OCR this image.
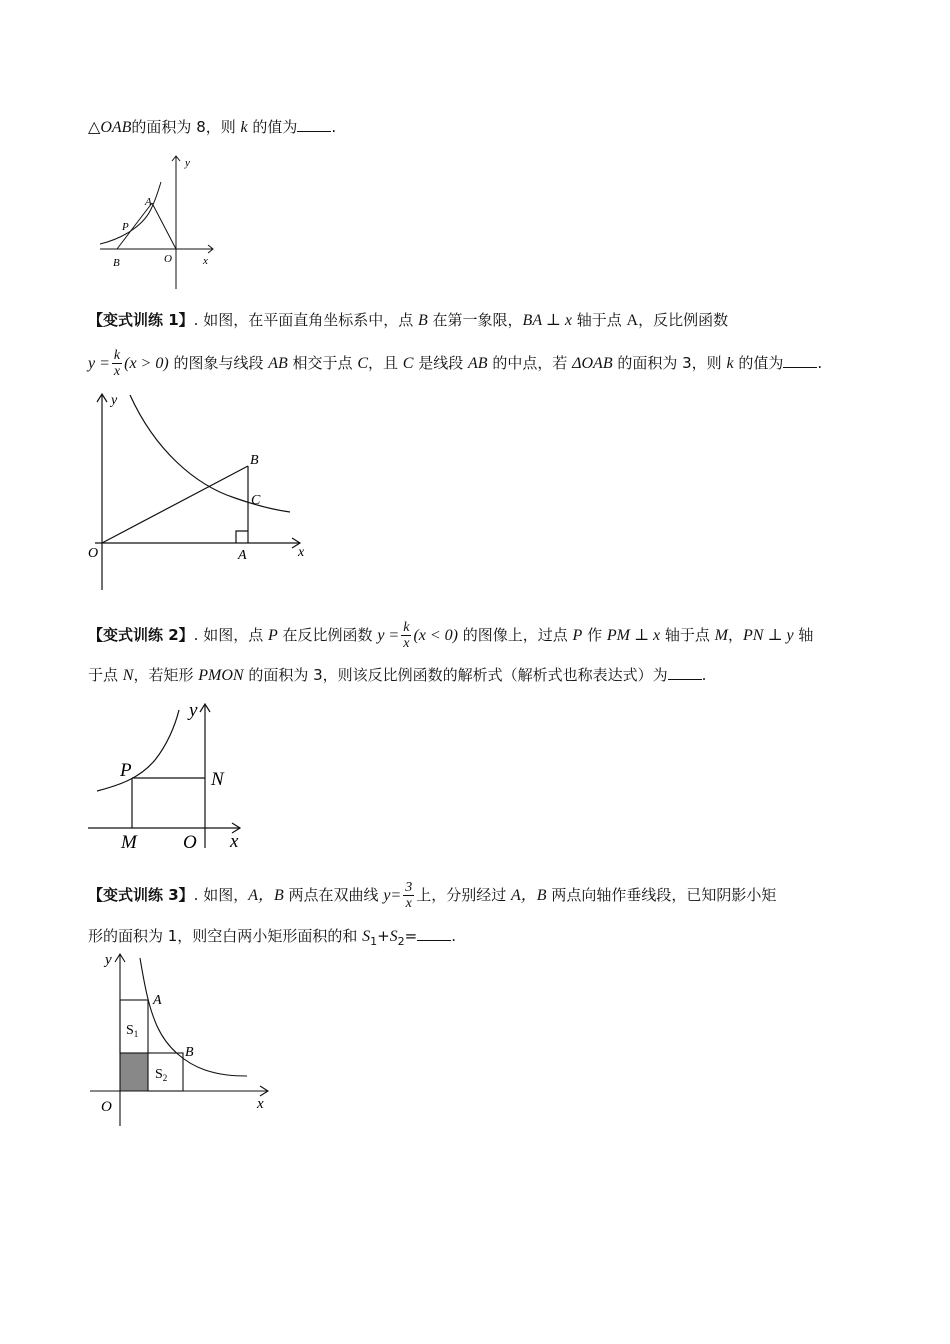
△OAB的面积为 8，则 k 的值为 .
y
A
P
B	O	x
【变式训练 1】. 如图，在平面直角坐标系中，点 B 在第一象限，BA ⊥ x 轴于点 A，反比例函数
$y = \frac{k}{x} (x > 0)$ 的图象与线段 AB 相交于点 C，且 C 是线段 AB 的中点，若 ΔOAB 的面积为 3，则 k 的值为 .
y
B
C
O	A	x
【变式训练 2】. 如图，点 P 在反比例函数 $y = \frac{k}{x} (x < 0)$ 的图像上，过点 P 作 PM ⊥ x 轴于点 M，PN ⊥ y 轴
于点 N，若矩形 PMON 的面积为 3，则该反比例函数的解析式（解析式也称表达式）为 .
y
P	N
M O x
【变式训练 3】. 如图，A，B 两点在双曲线 $y= \frac{3}{x}$ 上，分别经过 A，B 两点向轴作垂线段，已知阴影小矩
形的面积为 1，则空白两小矩形面积的和 $S_1+S_2=$ .
y
A
B
$S_1$
$S_2$
O	x
